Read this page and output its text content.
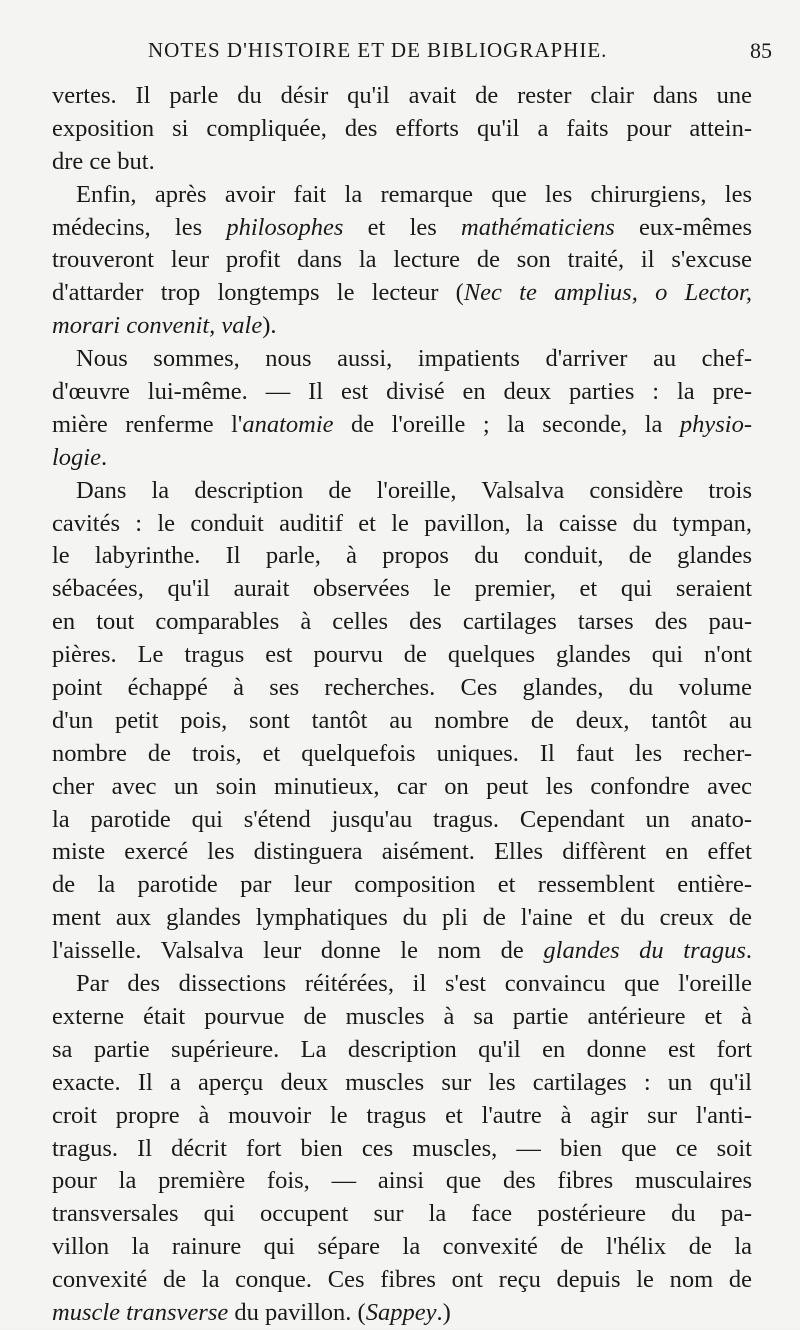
NOTES D'HISTOIRE ET DE BIBLIOGRAPHIE.	85
vertes. Il parle du désir qu'il avait de rester clair dans une
exposition si compliquée, des efforts qu'il a faits pour attein-
dre ce but.
Enfin, après avoir fait la remarque que les chirurgiens, les
médecins, les philosophes et les mathématiciens eux-mêmes
trouveront leur profit dans la lecture de son traité, il s'excuse
d'attarder trop longtemps le lecteur (Nec te amplius, o Lector,
morari convenit, vale).
Nous sommes, nous aussi, impatients d'arriver au chef-
d'œuvre lui-même. — Il est divisé en deux parties : la pre-
mière renferme l'anatomie de l'oreille ; la seconde, la physio-
logie.
Dans la description de l'oreille, Valsalva considère trois
cavités : le conduit auditif et le pavillon, la caisse du tympan,
le labyrinthe. Il parle, à propos du conduit, de glandes
sébacées, qu'il aurait observées le premier, et qui seraient
en tout comparables à celles des cartilages tarses des pau-
pières. Le tragus est pourvu de quelques glandes qui n'ont
point échappé à ses recherches. Ces glandes, du volume
d'un petit pois, sont tantôt au nombre de deux, tantôt au
nombre de trois, et quelquefois uniques. Il faut les recher-
cher avec un soin minutieux, car on peut les confondre avec
la parotide qui s'étend jusqu'au tragus. Cependant un anato-
miste exercé les distinguera aisément. Elles diffèrent en effet
de la parotide par leur composition et ressemblent entière-
ment aux glandes lymphatiques du pli de l'aine et du creux de
l'aisselle. Valsalva leur donne le nom de glandes du tragus.
Par des dissections réitérées, il s'est convaincu que l'oreille
externe était pourvue de muscles à sa partie antérieure et à
sa partie supérieure. La description qu'il en donne est fort
exacte. Il a aperçu deux muscles sur les cartilages : un qu'il
croit propre à mouvoir le tragus et l'autre à agir sur l'anti-
tragus. Il décrit fort bien ces muscles, — bien que ce soit
pour la première fois, — ainsi que des fibres musculaires
transversales qui occupent sur la face postérieure du pa-
villon la rainure qui sépare la convexité de l'hélix de la
convexité de la conque. Ces fibres ont reçu depuis le nom de
muscle transverse du pavillon. (Sappey.)
